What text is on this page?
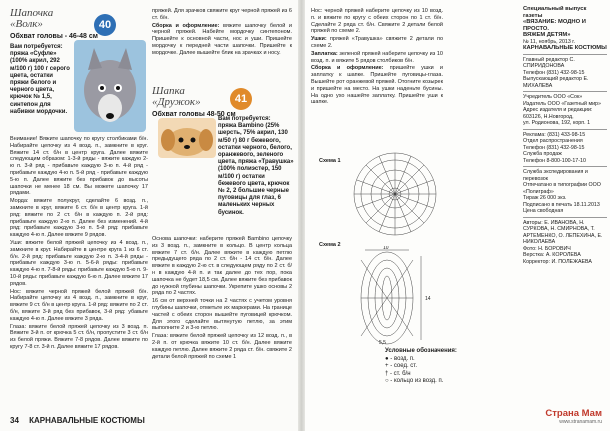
Шапочка
«Волк»
Обхват головы - 46-48 см
40
Вам потребуется:
пряжа «Суфле» (100% акрил, 292 м/100 г) 100 г серого цвета, остатки пряжи белого и черного цвета, крючок № 1,5, синтепон для набивки мордочки.

Внимание! Вяжите шапочку по кругу столбиками б/н. Набирайте цепочку из 4 возд. п., замкните в круг. Вяжите 14 ст. б/н в центр круга. Далее вяжите следующим образом: 1-3-й ряды - вяжите каждую 2-ю п. 3-й ряд - прибавьте каждую 3-ю п. 4-й ряд - прибавьте каждую 4-ю п. 5-й ряд - прибавьте каждую 5-ю п. Далее вяжите без прибавок до высоты шапочки не менее 18 см. Вы можете шапочку 17 рядами.

Морда: вяжите полукруг, сделайте 6 возд. п., замкните в круг, вяжите 6 ст. б/н в центр круга. 1-й ряд: вяжите по 2 ст. б/н в каждую п. 2-й ряд: прибавьте каждую 2-ю п. Далее без изменений. 4-й ряд: прибавьте каждую 3-ю п. 5-й ряд: прибавьте каждую 4-ю п. Далее вяжите 9 рядов.

Уши: вяжите белой пряжей цепочку из 4 возд. п., замкните в круг. Набирайте в центре круга 1 из 6 ст. б/н. 2-й ряд: прибавьте каждую 2-ю п. 3-4-й ряды - прибавьте каждую 3-ю п. 5-6-й ряды: прибавьте каждую 4-ю п. 7-8-й ряды: прибавьте каждую 5-ю п. 9-10-й ряды: прибавьте каждую 6-ю п. Далее вяжите 17 рядов.

Нос: вяжите черной пряжей белой пряжей б/н. Набирайте цепочку из 4 возд. п., замкните в круг, вяжите 9 ст. б/н в центр круга. 1-й ряд: вяжите по 2 ст. б/н, вяжите 3-й ряд без прибавок, 3-й ряд: убавьте каждую 4-ю п. Далее вяжите 3 ряда.

Глаза: вяжите белой пряжей цепочку из 3 возд. п. Вяжите 3-й п. от крючка 5 ст. б/н, пропустите 3 ст. б/н из белой пряжи. Вяжите 7-8 рядов. Далее вяжите по кругу 7-8 ст. 3-й п. Далее вяжите 17 рядов.

пряжей. Для зрачков свяжите круг черной пряжей из 6 ст. б/н.

Сборка и оформление: вяжите шапочку белой и черной пряжей. Набейте мордочку синтепоном. Пришейте к основной части, нос и уши. Пришейте мордочку к передней части шапочки. Пришейте к мордочке. Далее вышейте блик на зрачках и носу.

Шапка
«Дружок»
Обхват головы 48-50 см
41
Вам потребуется:
пряжа Bambino (25% шерсть, 75% акрил, 130 м/50 г) 80 г бежевого, остатки черного, белого, оранжевого, зеленого цвета, пряжа «Травушка» (100% полиэстер, 150 м/100 г) остатки бежевого цвета, крючок № 2, 2 большие черные пуговицы для глаз, 6 маленьких черных бусинок.

Основа шапочки: наберите пряжей Bambino цепочку из 3 возд. п., замкните в кольцо. В центр кольца вяжите 7 ст. б/н. Далее вяжите в каждую петлю предыдущего ряда по 2 ст. б/н - 14 ст. б/н. Далее вяжите в каждую 2-ю ст. в следующем ряду по 2 ст. б/н в каждую 4-й п. и так далее до тех пор, пока шапочка не будет 18,5 см. Далее вяжите без прибавок до нужной глубины шапочки. Укрепите ушко основы 2 ряда по 2 частях.

16 см от верхней точки на 2 частях с учетом уровня глубины шапочки, отметьте их маркерами. На границе частей с обеих сторон вышейте пуговицей крючком. Для этого сделайте вытянутую петлю, за этим выполните 2 и 3-ю петлю.

Глаза: вяжите белой пряжей цепочку из 12 возд. п., в 2-й п. от крючка вяжите 10 ст. б/н. Далее вяжите каждую петлю. Далее вяжите 2 ряда ст. б/н. свяжите 2 детали белой пряжей по схеме 1

34 КАРНАВАЛЬНЫЕ КОСТЮМЫ

Нос: черной пряжей наберите цепочку из 10 возд. п. и вяжите по кругу с обеих сторон по 1 ст. б/н. Сделайте 2 ряда ст. б/н. Свяжите 2 детали белой пряжей по схеме 2.

Ушки: пряжей «Травушка» свяжите 2 детали по схеме 2.

Заплатка: зеленой пряжей наберите цепочку из 10 возд. п. и вяжите 5 рядов столбиков б/н.

Сборка и оформление: пришейте ушки и заплатку к шапке. Пришейте пуговицы-глаза. Вышейте рот оранжевой пряжей. Отогните козырек и пришейте на место. На ушки наденьте бусины. На одно ухо нашейте заплатку. Пришейте уши к шапке.

Специальный выпуск газеты
«ВЯЗАНИЕ: МОДНО И ПРОСТО.
ВЯЖЕМ ДЕТЯМ»
№ 11, ноябрь, 2013 г.
КАРНАВАЛЬНЫЕ КОСТЮМЫ
Главный редактор С. СПИРИДОНОВА
Телефон (831) 432-98-15
Выпускающий редактор Е. МИХАЛЕВА
Учредитель ООО «Сок»
Издатель ООО «Газетный мир»
Адрес издателя и редакции: 603126, Н.Новгород,
ул. Родионова, 192, корп. 1
Реклама: (831) 433-98-15
Отдел распространения
Телефон (831) 432-98-15
Служба продаж
Телефон 8-800-100-17-10
Служба экспедирования и перевозок
Отпечатано в типографии ООО «Полиграф»
Тираж 26 000 экз.
Подписано в печать 18.11.2013
Цена свободная
Авторы: Е. ИВАНОВА, Н. СУРКОВА, Н. СМИРНОВА, Т. АРТЕМЕНКО, О. ЛЕПЕХИНА, Е. НИКОЛАЕВА
Фото: Н. БОРОВИЧ
Верстка: А. КОРОЛЕВА
Корректор: И. ПОЛЕЖАЕВА
Схема 1
Схема 2	10
14
5,5
Условные обозначения:
● - возд. п.
+ - соед. ст.
† - ст. б/н
○ - кольцо из возд. п.
Страна Мам
www.stranamam.ru
